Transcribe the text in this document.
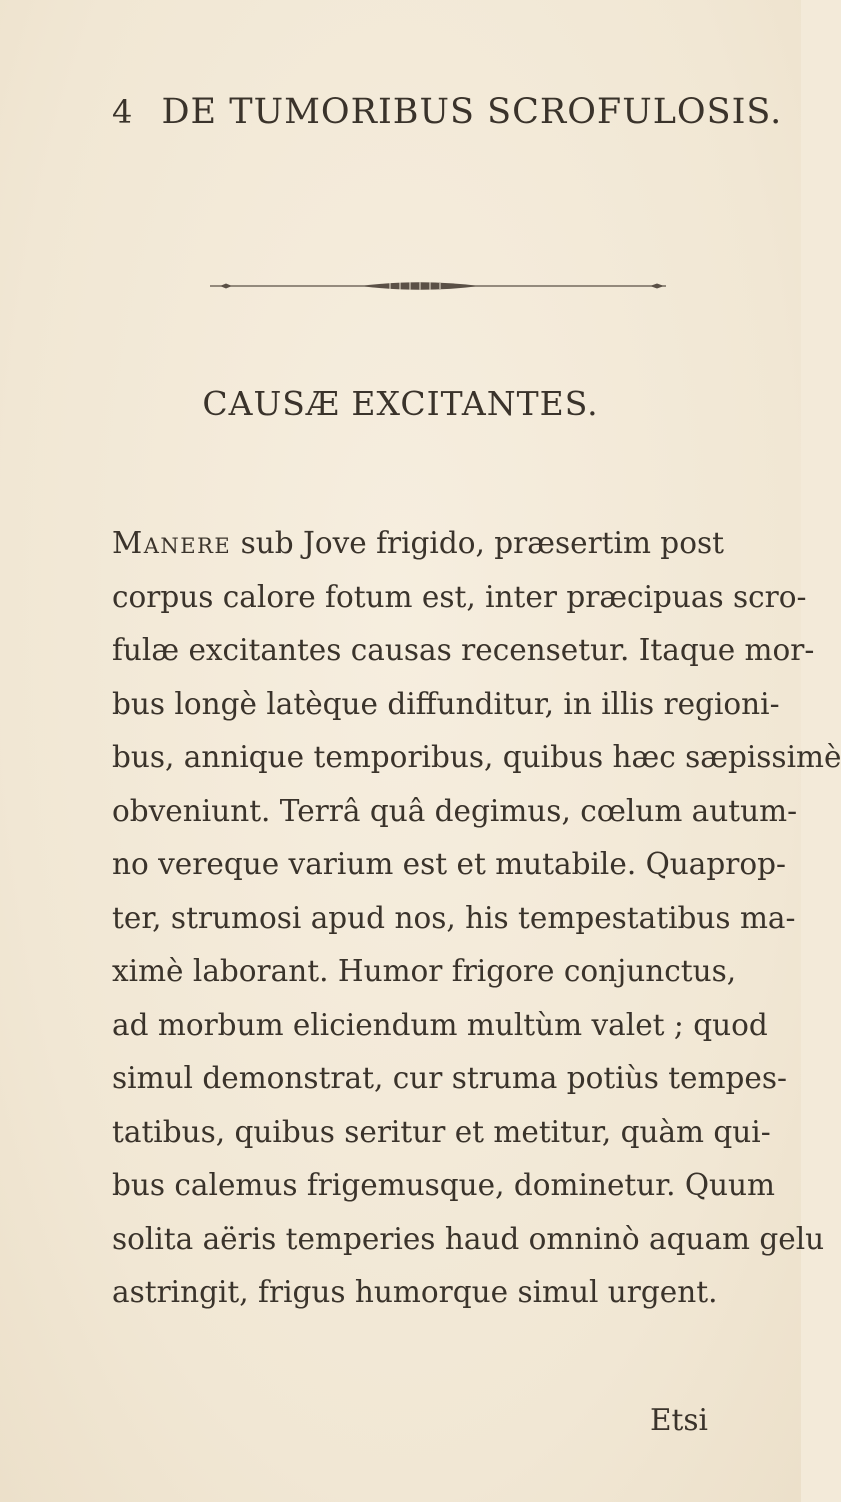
4 DE TUMORIBUS SCROFULOSIS.
CAUSÆ EXCITANTES.
Manere sub Jove frigido, præsertim post
corpus calore fotum est, inter præcipuas scro-
fulæ excitantes causas recensetur. Itaque mor-
bus longè latèque diffunditur, in illis regioni-
bus, annique temporibus, quibus hæc sæpissimè
obveniunt. Terrâ quâ degimus, cœlum autum-
no vereque varium est et mutabile. Quaprop-
ter, strumosi apud nos, his tempestatibus ma-
ximè laborant. Humor frigore conjunctus,
ad morbum eliciendum multùm valet ; quod
simul demonstrat, cur struma potiùs tempes-
tatibus, quibus seritur et metitur, quàm qui-
bus calemus frigemusque, dominetur. Quum
solita aëris temperies haud omninò aquam gelu
astringit, frigus humorque simul urgent.
Etsi
